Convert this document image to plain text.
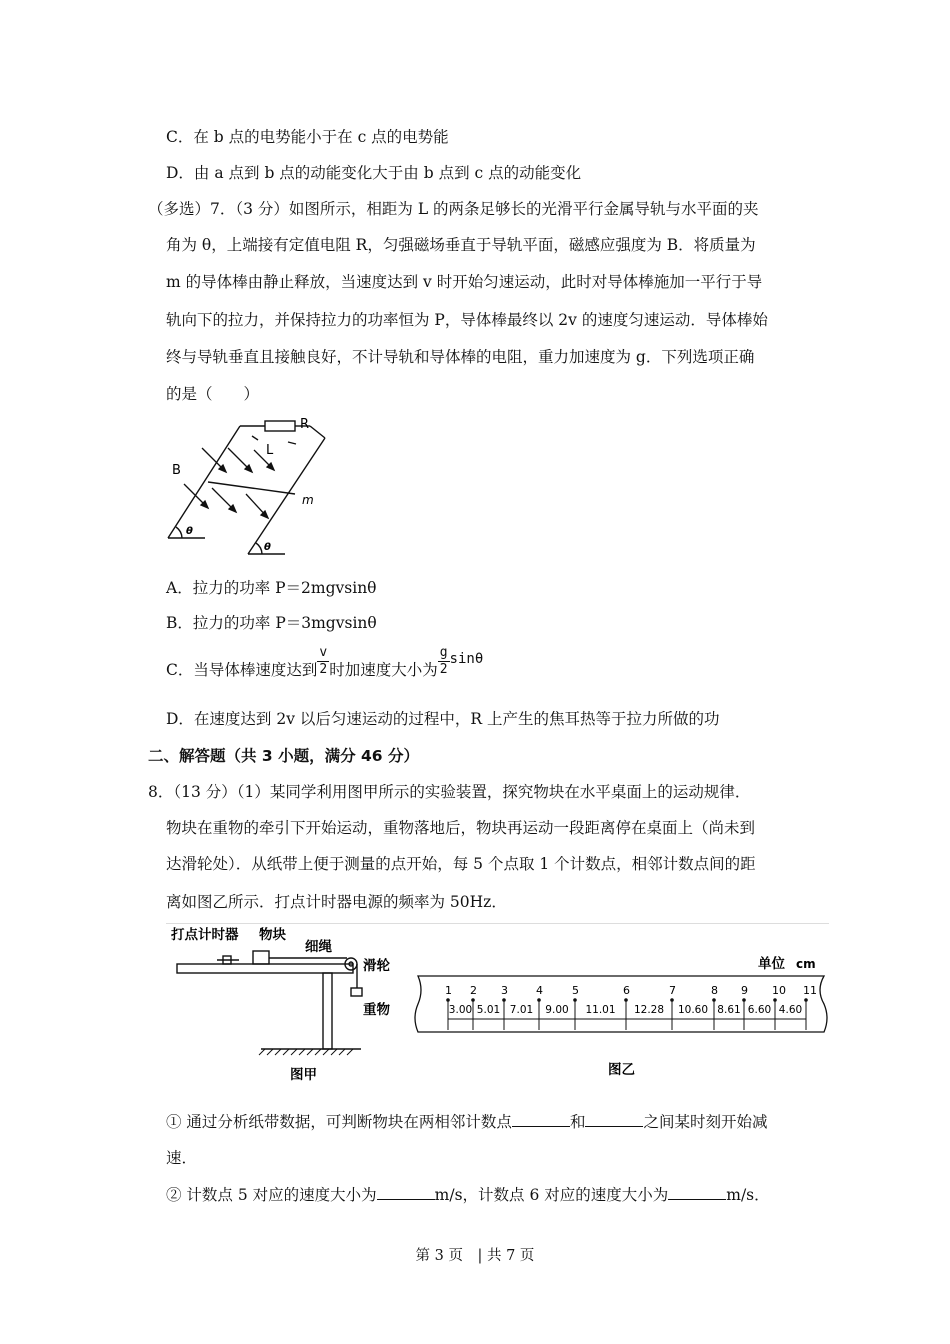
C．在 b 点的电势能小于在 c 点的电势能
D．由 a 点到 b 点的动能变化大于由 b 点到 c 点的动能变化
（多选）7．（3 分）如图所示，相距为 L 的两条足够长的光滑平行金属导轨与水平面的夹
角为 θ，上端接有定值电阻 R，匀强磁场垂直于导轨平面，磁感应强度为 B．将质量为
m 的导体棒由静止释放，当速度达到 v 时开始匀速运动，此时对导体棒施加一平行于导
轨向下的拉力，并保持拉力的功率恒为 P，导体棒最终以 2v 的速度匀速运动．导体棒始
终与导轨垂直且接触良好，不计导轨和导体棒的电阻，重力加速度为 g．下列选项正确
的是（　　）
R
L
B
m
θ
θ
A．拉力的功率 P＝2mgvsinθ
B．拉力的功率 P＝3mgvsinθ
C．当导体棒速度达到 $\frac{v}{2}$ 时加速度大小为 $\frac{g}{2}$ sinθ
D．在速度达到 2v 以后匀速运动的过程中，R 上产生的焦耳热等于拉力所做的功
二、解答题（共 3 小题，满分 46 分）
8．（13 分）（1）某同学利用图甲所示的实验装置，探究物块在水平桌面上的运动规律．
物块在重物的牵引下开始运动，重物落地后，物块再运动一段距离停在桌面上（尚未到
达滑轮处）．从纸带上便于测量的点开始，每 5 个点取 1 个计数点，相邻计数点间的距
离如图乙所示．打点计时器电源的频率为 50Hz．
打点计时器 物块
细绳
滑轮
重物
图甲
单位 cm
1 2 3	4	5	6	7	8 9 10 11
3.00 5.01 7.01 9.00 11.01 12.28 10.60 8.61 6.60 4.60
图乙
① 通过分析纸带数据，可判断物块在两相邻计数点	和	之间某时刻开始减
速．
② 计数点 5 对应的速度大小为	m/s，计数点 6 对应的速度大小为	m/s．
第 3 页　| 共 7 页
